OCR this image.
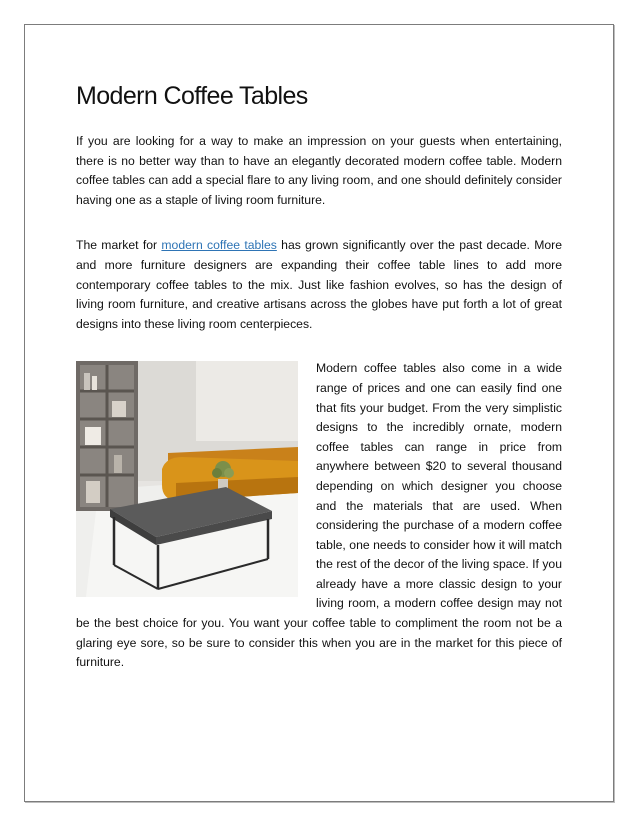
Modern Coffee Tables

If you are looking for a way to make an impression on your guests when entertaining, there is no better way than to have an elegantly decorated modern coffee table. Modern coffee tables can add a special flare to any living room, and one should definitely consider having one as a staple of living room furniture.

The market for modern coffee tables has grown significantly over the past decade. More and more furniture designers are expanding their coffee table lines to add more contemporary coffee tables to the mix. Just like fashion evolves, so has the design of living room furniture, and creative artisans across the globes have put forth a lot of great designs into these living room centerpieces.

Modern coffee tables also come in a wide range of prices and one can easily find one that fits your budget. From the very simplistic designs to the incredibly ornate, modern coffee tables can range in price from anywhere between $20 to several thousand depending on which designer you choose and the materials that are used. When considering the purchase of a modern coffee table, one needs to consider how it will match the rest of the decor of the living space. If you already have a more classic design to your living room, a modern coffee design may not be the best choice for you. You want your coffee table to compliment the room not be a glaring eye sore, so be sure to consider this when you are in the market for this piece of furniture.
